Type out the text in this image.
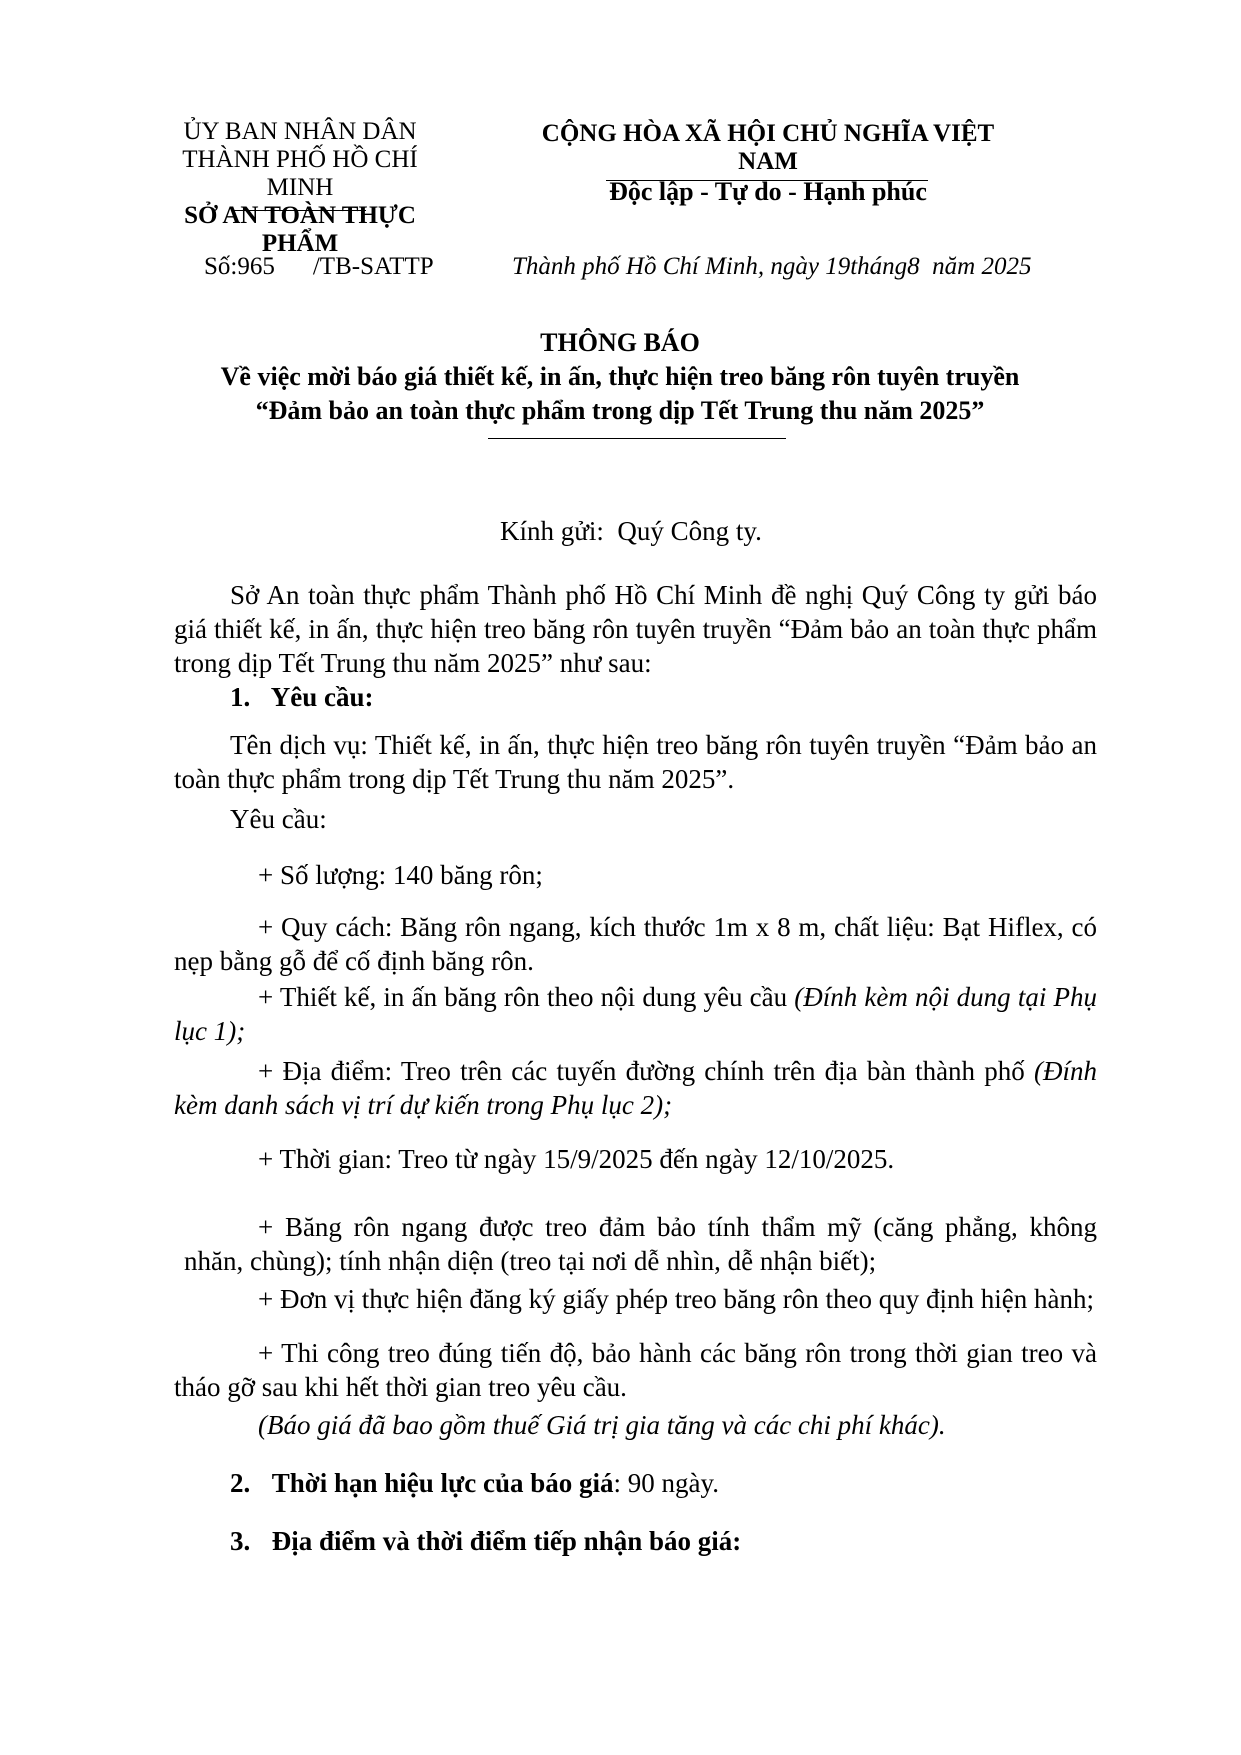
ỦY BAN NHÂN DÂN
THÀNH PHỐ HỒ CHÍ MINH
SỞ AN TOÀN THỰC PHẨM
CỘNG HÒA XÃ HỘI CHỦ NGHĨA VIỆT NAM
Độc lập - Tự do - Hạnh phúc
Số:965 /TB-SATTP	Thành phố Hồ Chí Minh, ngày 19tháng8  năm 2025
THÔNG BÁO
Về việc mời báo giá thiết kế, in ấn, thực hiện treo băng rôn tuyên truyền
“Đảm bảo an toàn thực phẩm trong dịp Tết Trung thu năm 2025”
Kính gửi:  Quý Công ty.

Sở An toàn thực phẩm Thành phố Hồ Chí Minh đề nghị Quý Công ty gửi báo giá thiết kế, in ấn, thực hiện treo băng rôn tuyên truyền “Đảm bảo an toàn thực phẩm trong dịp Tết Trung thu năm 2025” như sau:

1. Yêu cầu:

Tên dịch vụ: Thiết kế, in ấn, thực hiện treo băng rôn tuyên truyền “Đảm bảo an toàn thực phẩm trong dịp Tết Trung thu năm 2025”.

Yêu cầu:

+ Số lượng: 140 băng rôn;

+ Quy cách: Băng rôn ngang, kích thước 1m x 8 m, chất liệu: Bạt Hiflex, có nẹp bằng gỗ để cố định băng rôn.

+ Thiết kế, in ấn băng rôn theo nội dung yêu cầu (Đính kèm nội dung tại Phụ lục 1);

+ Địa điểm: Treo trên các tuyến đường chính trên địa bàn thành phố (Đính kèm danh sách vị trí dự kiến trong Phụ lục 2);

+ Thời gian: Treo từ ngày 15/9/2025 đến ngày 12/10/2025.

+ Băng rôn ngang được treo đảm bảo tính thẩm mỹ (căng phẳng, không nhăn, chùng); tính nhận diện (treo tại nơi dễ nhìn, dễ nhận biết);

+ Đơn vị thực hiện đăng ký giấy phép treo băng rôn theo quy định hiện hành;

+ Thi công treo đúng tiến độ, bảo hành các băng rôn trong thời gian treo và tháo gỡ sau khi hết thời gian treo yêu cầu.

(Báo giá đã bao gồm thuế Giá trị gia tăng và các chi phí khác).
2. Thời hạn hiệu lực của báo giá: 90 ngày.
3. Địa điểm và thời điểm tiếp nhận báo giá:
